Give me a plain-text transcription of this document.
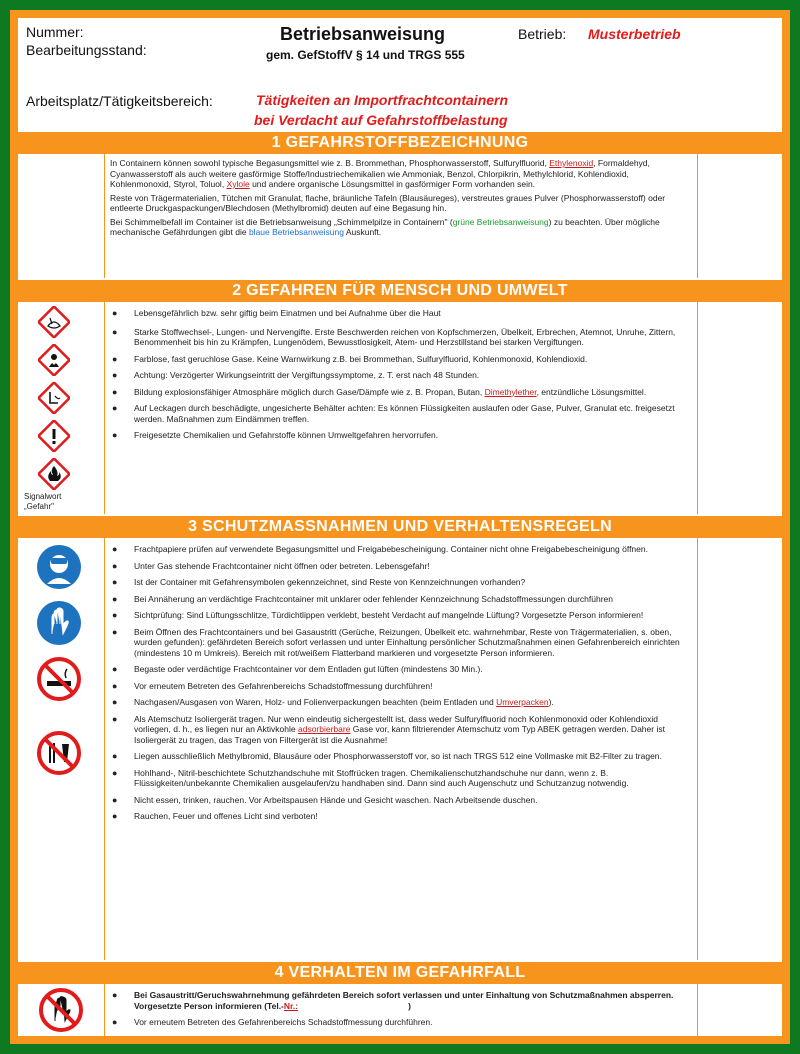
Nummer:
Bearbeitungsstand:
Betriebsanweisung
gem. GefStoffV § 14 und TRGS 555
Betrieb: Musterbetrieb
Arbeitsplatz/Tätigkeitsbereich:	Tätigkeiten an Importfrachtcontainern
bei Verdacht auf Gefahrstoffbelastung
1 GEFAHRSTOFFBEZEICHNUNG

In Containern können sowohl typische Begasungsmittel wie z. B. Brommethan, Phosphorwasserstoff, Sulfurylfluorid, Ethylenoxid, Formaldehyd, Cyanwasserstoff als auch weitere gasförmige Stoffe/Industriechemikalien wie Ammoniak, Benzol, Chlorpikrin, Methylchlorid, Kohlendioxid, Kohlenmonoxid, Styrol, Toluol, Xylole und andere organische Lösungsmittel in gasförmiger Form vorhanden sein.

Reste von Trägermaterialien, Tütchen mit Granulat, flache, bräunliche Tafeln (Blausäureges), verstreutes graues Pulver (Phosphorwasserstoff) oder entleerte Druckgaspackungen/Blechdosen (Methylbromid) deuten auf eine Begasung hin.

Bei Schimmelbefall im Container ist die Betriebsanweisung „Schimmelpilze in Containern" (grüne Betriebsanweisung) zu beachten. Über mögliche mechanische Gefährdungen gibt die blaue Betriebsanweisung Auskunft.

2 GEFAHREN FÜR MENSCH UND UMWELT
Signalwort
„Gefahr"
● Lebensgefährlich bzw. sehr giftig beim Einatmen und bei Aufnahme über die Haut
● Starke Stoffwechsel-, Lungen- und Nervengifte. Erste Beschwerden reichen von Kopfschmerzen, Übelkeit, Erbrechen, Atemnot, Unruhe, Zittern, Benommenheit bis hin zu Krämpfen, Lungenödem, Bewusstlosigkeit, Atem- und Herzstillstand bei starken Vergiftungen.
● Farblose, fast geruchlose Gase. Keine Warnwirkung z.B. bei Brommethan, Sulfurylfluorid, Kohlenmonoxid, Kohlendioxid.
● Achtung: Verzögerter Wirkungseintritt der Vergiftungssymptome, z. T. erst nach 48 Stunden.
● Bildung explosionsfähiger Atmosphäre möglich durch Gase/Dämpfe wie z. B. Propan, Butan, Dimethylether, entzündliche Lösungsmittel.
● Auf Leckagen durch beschädigte, ungesicherte Behälter achten: Es können Flüssigkeiten auslaufen oder Gase, Pulver, Granulat etc. freigesetzt werden. Maßnahmen zum Eindämmen treffen.
● Freigesetzte Chemikalien und Gefahrstoffe können Umweltgefahren hervorrufen.
3 SCHUTZMASSNAHMEN UND VERHALTENSREGELN
● Frachtpapiere prüfen auf verwendete Begasungsmittel und Freigabebescheinigung. Container nicht ohne Freigabebescheinigung öffnen.
● Unter Gas stehende Frachtcontainer nicht öffnen oder betreten. Lebensgefahr!
● Ist der Container mit Gefahrensymbolen gekennzeichnet, sind Reste von Kennzeichnungen vorhanden?
● Bei Annäherung an verdächtige Frachtcontainer mit unklarer oder fehlender Kennzeichnung Schadstoffmessungen durchführen
● Sichtprüfung: Sind Lüftungsschlitze, Türdichtlippen verklebt, besteht Verdacht auf mangelnde Lüftung? Vorgesetzte Person informieren!
● Beim Öffnen des Frachtcontainers und bei Gasaustritt (Gerüche, Reizungen, Übelkeit etc. wahrnehmbar, Reste von Trägermaterialien, s. oben, wurden gefunden): gefährdeten Bereich sofort verlassen und unter Einhaltung persönlicher Schutzmaßnahmen einen Gefahrenbereich einrichten (mindestens 10 m Umkreis). Bereich mit rot/weißem Flatterband markieren und vorgesetzte Person informieren.
● Begaste oder verdächtige Frachtcontainer vor dem Entladen gut lüften (mindestens 30 Min.).
● Vor erneutem Betreten des Gefahrenbereichs Schadstoffmessung durchführen!
● Nachgasen/Ausgasen von Waren, Holz- und Folienverpackungen beachten (beim Entladen und Umverpacken).
● Als Atemschutz Isoliergerät tragen. Nur wenn eindeutig sichergestellt ist, dass weder Sulfurylfluorid noch Kohlenmonoxid oder Kohlendioxid vorliegen, d. h., es liegen nur an Aktivkohle adsorbierbare Gase vor, kann filtrierender Atemschutz vom Typ ABEK getragen werden. Daher ist Isoliergerät zu tragen, das Tragen von Filtergerät ist die Ausnahme!
● Liegen ausschließlich Methylbromid, Blausäure oder Phosphorwasserstoff vor, so ist nach TRGS 512 eine Vollmaske mit B2-Filter zu tragen.
● Hohlhand-, Nitril-beschichtete Schutzhandschuhe mit Stoffrücken tragen. Chemikalienschutzhandschuhe nur dann, wenn z. B. Flüssigkeiten/unbekannte Chemikalien ausgelaufen/zu handhaben sind. Dann sind auch Augenschutz und Schutzanzug notwendig.
● Nicht essen, trinken, rauchen. Vor Arbeitspausen Hände und Gesicht waschen. Nach Arbeitsende duschen.
● Rauchen, Feuer und offenes Licht sind verboten!
4 VERHALTEN IM GEFAHRFALL
● Bei Gasaustritt/Geruchswahrnehmung gefährdeten Bereich sofort verlassen und unter Einhaltung von Schutzmaßnahmen absperren. Vorgesetzte Person informieren (Tel.-Nr.:	)
● Vor erneutem Betreten des Gefahrenbereichs Schadstoffmessung durchführen.
